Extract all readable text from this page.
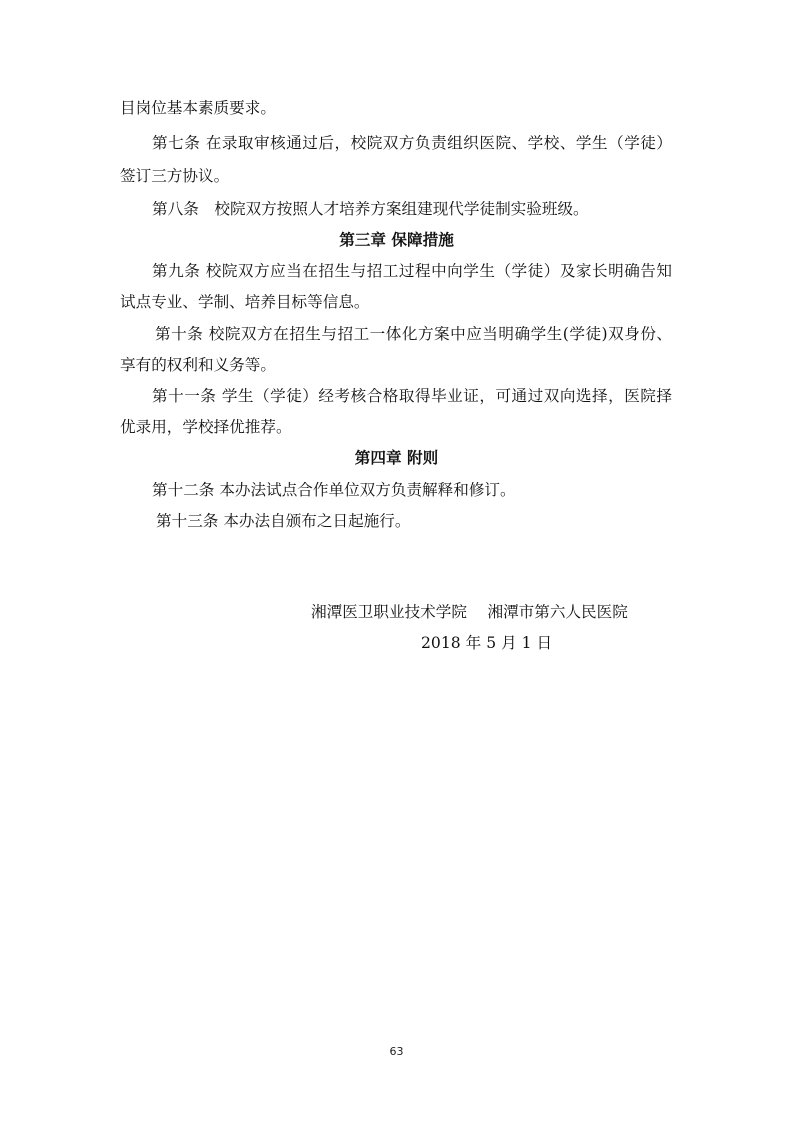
目岗位基本素质要求。
第七条 在录取审核通过后，校院双方负责组织医院、学校、学生（学徒）
签订三方协议。
第八条　校院双方按照人才培养方案组建现代学徒制实验班级。
第三章 保障措施
第九条 校院双方应当在招生与招工过程中向学生（学徒）及家长明确告知
试点专业、学制、培养目标等信息。
第十条 校院双方在招生与招工一体化方案中应当明确学生(学徒)双身份、
享有的权利和义务等。
第十一条 学生（学徒）经考核合格取得毕业证，可通过双向选择，医院择
优录用，学校择优推荐。
第四章 附则
第十二条 本办法试点合作单位双方负责解释和修订。
第十三条 本办法自颁布之日起施行。
湘潭医卫职业技术学院　 湘潭市第六人民医院
2018 年 5 月 1 日
63
